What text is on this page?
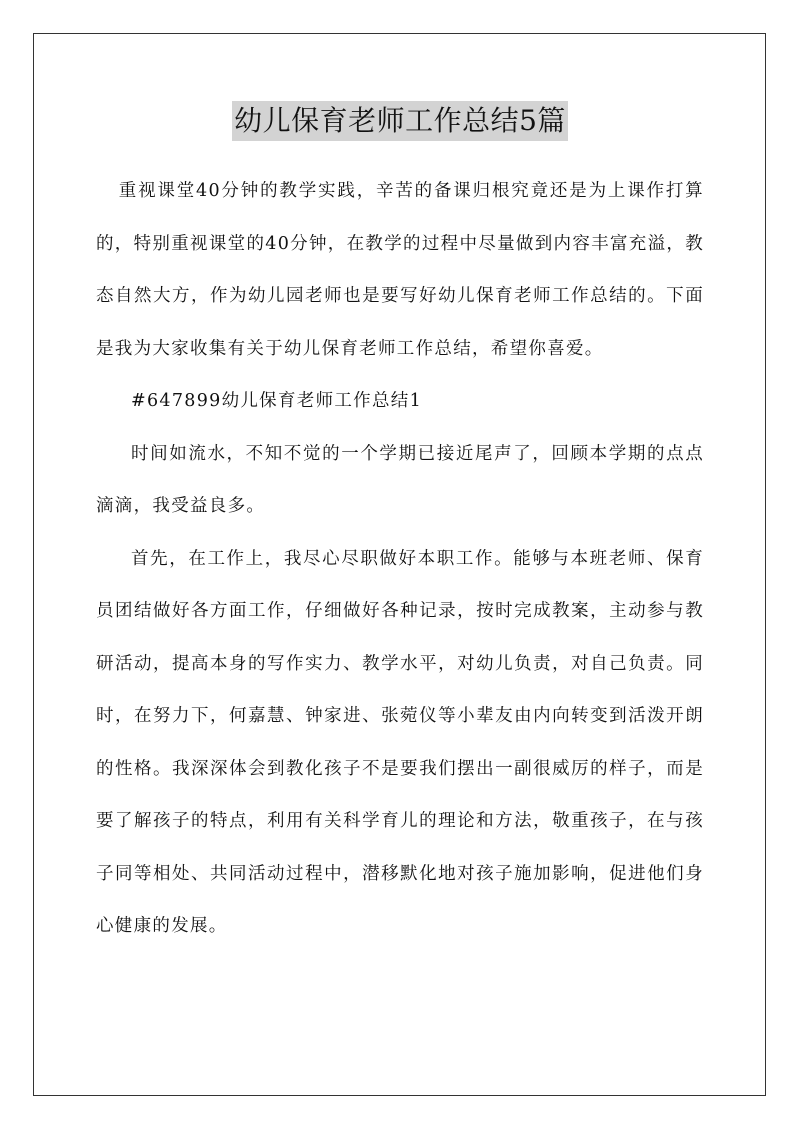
幼儿保育老师工作总结5篇

重视课堂40分钟的教学实践，辛苦的备课归根究竟还是为上课作打算的，特别重视课堂的40分钟，在教学的过程中尽量做到内容丰富充溢，教态自然大方，作为幼儿园老师也是要写好幼儿保育老师工作总结的。下面是我为大家收集有关于幼儿保育老师工作总结，希望你喜爱。

#647899幼儿保育老师工作总结1

时间如流水，不知不觉的一个学期已接近尾声了，回顾本学期的点点滴滴，我受益良多。

首先，在工作上，我尽心尽职做好本职工作。能够与本班老师、保育员团结做好各方面工作，仔细做好各种记录，按时完成教案，主动参与教研活动，提高本身的写作实力、教学水平，对幼儿负责，对自己负责。同时，在努力下，何嘉慧、钟家进、张菀仪等小辈友由内向转变到活泼开朗的性格。我深深体会到教化孩子不是要我们摆出一副很威厉的样子，而是要了解孩子的特点，利用有关科学育儿的理论和方法，敬重孩子，在与孩子同等相处、共同活动过程中，潜移默化地对孩子施加影响，促进他们身心健康的发展。
